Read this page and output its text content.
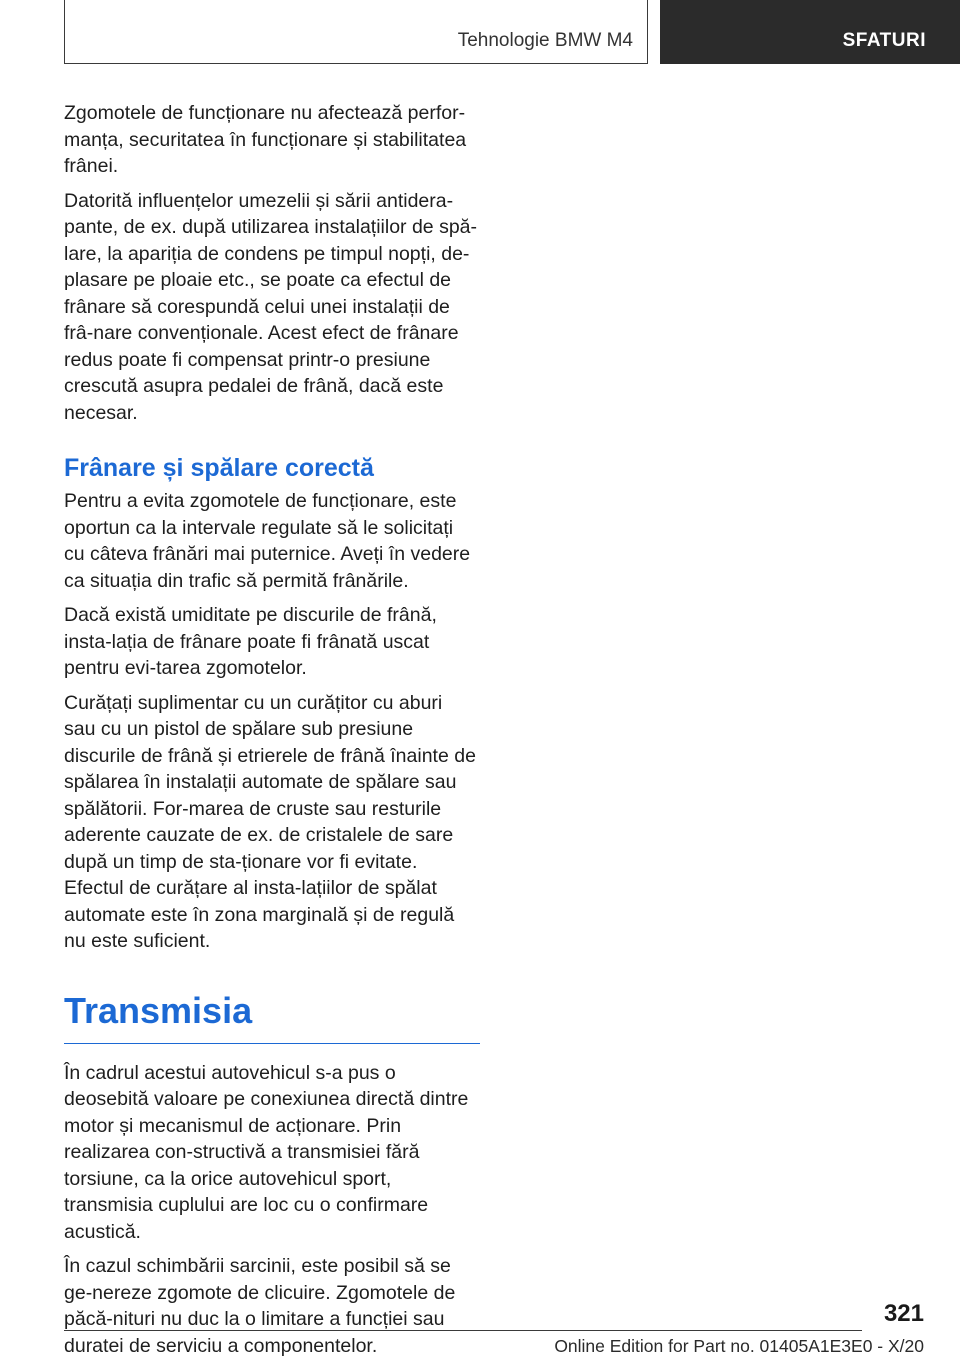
Tehnologie BMW M4	SFATURI

Zgomotele de funcționare nu afectează perfor-manța, securitatea în funcționare și stabilitatea frânei.

Datorită influențelor umezelii și sării antidera-pante, de ex. după utilizarea instalațiilor de spă-lare, la apariția de condens pe timpul nopți, de-plasare pe ploaie etc., se poate ca efectul de frânare să corespundă celui unei instalații de frâ-nare convenționale. Acest efect de frânare redus poate fi compensat printr-o presiune crescută asupra pedalei de frână, dacă este necesar.

Frânare și spălare corectă

Pentru a evita zgomotele de funcționare, este oportun ca la intervale regulate să le solicitați cu câteva frânări mai puternice. Aveți în vedere ca situația din trafic să permită frânările.

Dacă există umiditate pe discurile de frână, insta-lația de frânare poate fi frânată uscat pentru evi-tarea zgomotelor.

Curățați suplimentar cu un curățitor cu aburi sau cu un pistol de spălare sub presiune discurile de frână și etrierele de frână înainte de spălarea în instalații automate de spălare sau spălătorii. For-marea de cruste sau resturile aderente cauzate de ex. de cristalele de sare după un timp de sta-ționare vor fi evitate. Efectul de curățare al insta-lațiilor de spălat automate este în zona marginală și de regulă nu este suficient.

Transmisia

În cadrul acestui autovehicul s-a pus o deosebită valoare pe conexiunea directă dintre motor și mecanismul de acționare. Prin realizarea con-structivă a transmisiei fără torsiune, ca la orice autovehicul sport, transmisia cuplului are loc cu o confirmare acustică.

În cazul schimbării sarcinii, este posibil să se ge-nereze zgomote de clicuire. Zgomotele de păcă-nituri nu duc la o limitare a funcției sau duratei de serviciu a componentelor.

321
Online Edition for Part no. 01405A1E3E0 - X/20
